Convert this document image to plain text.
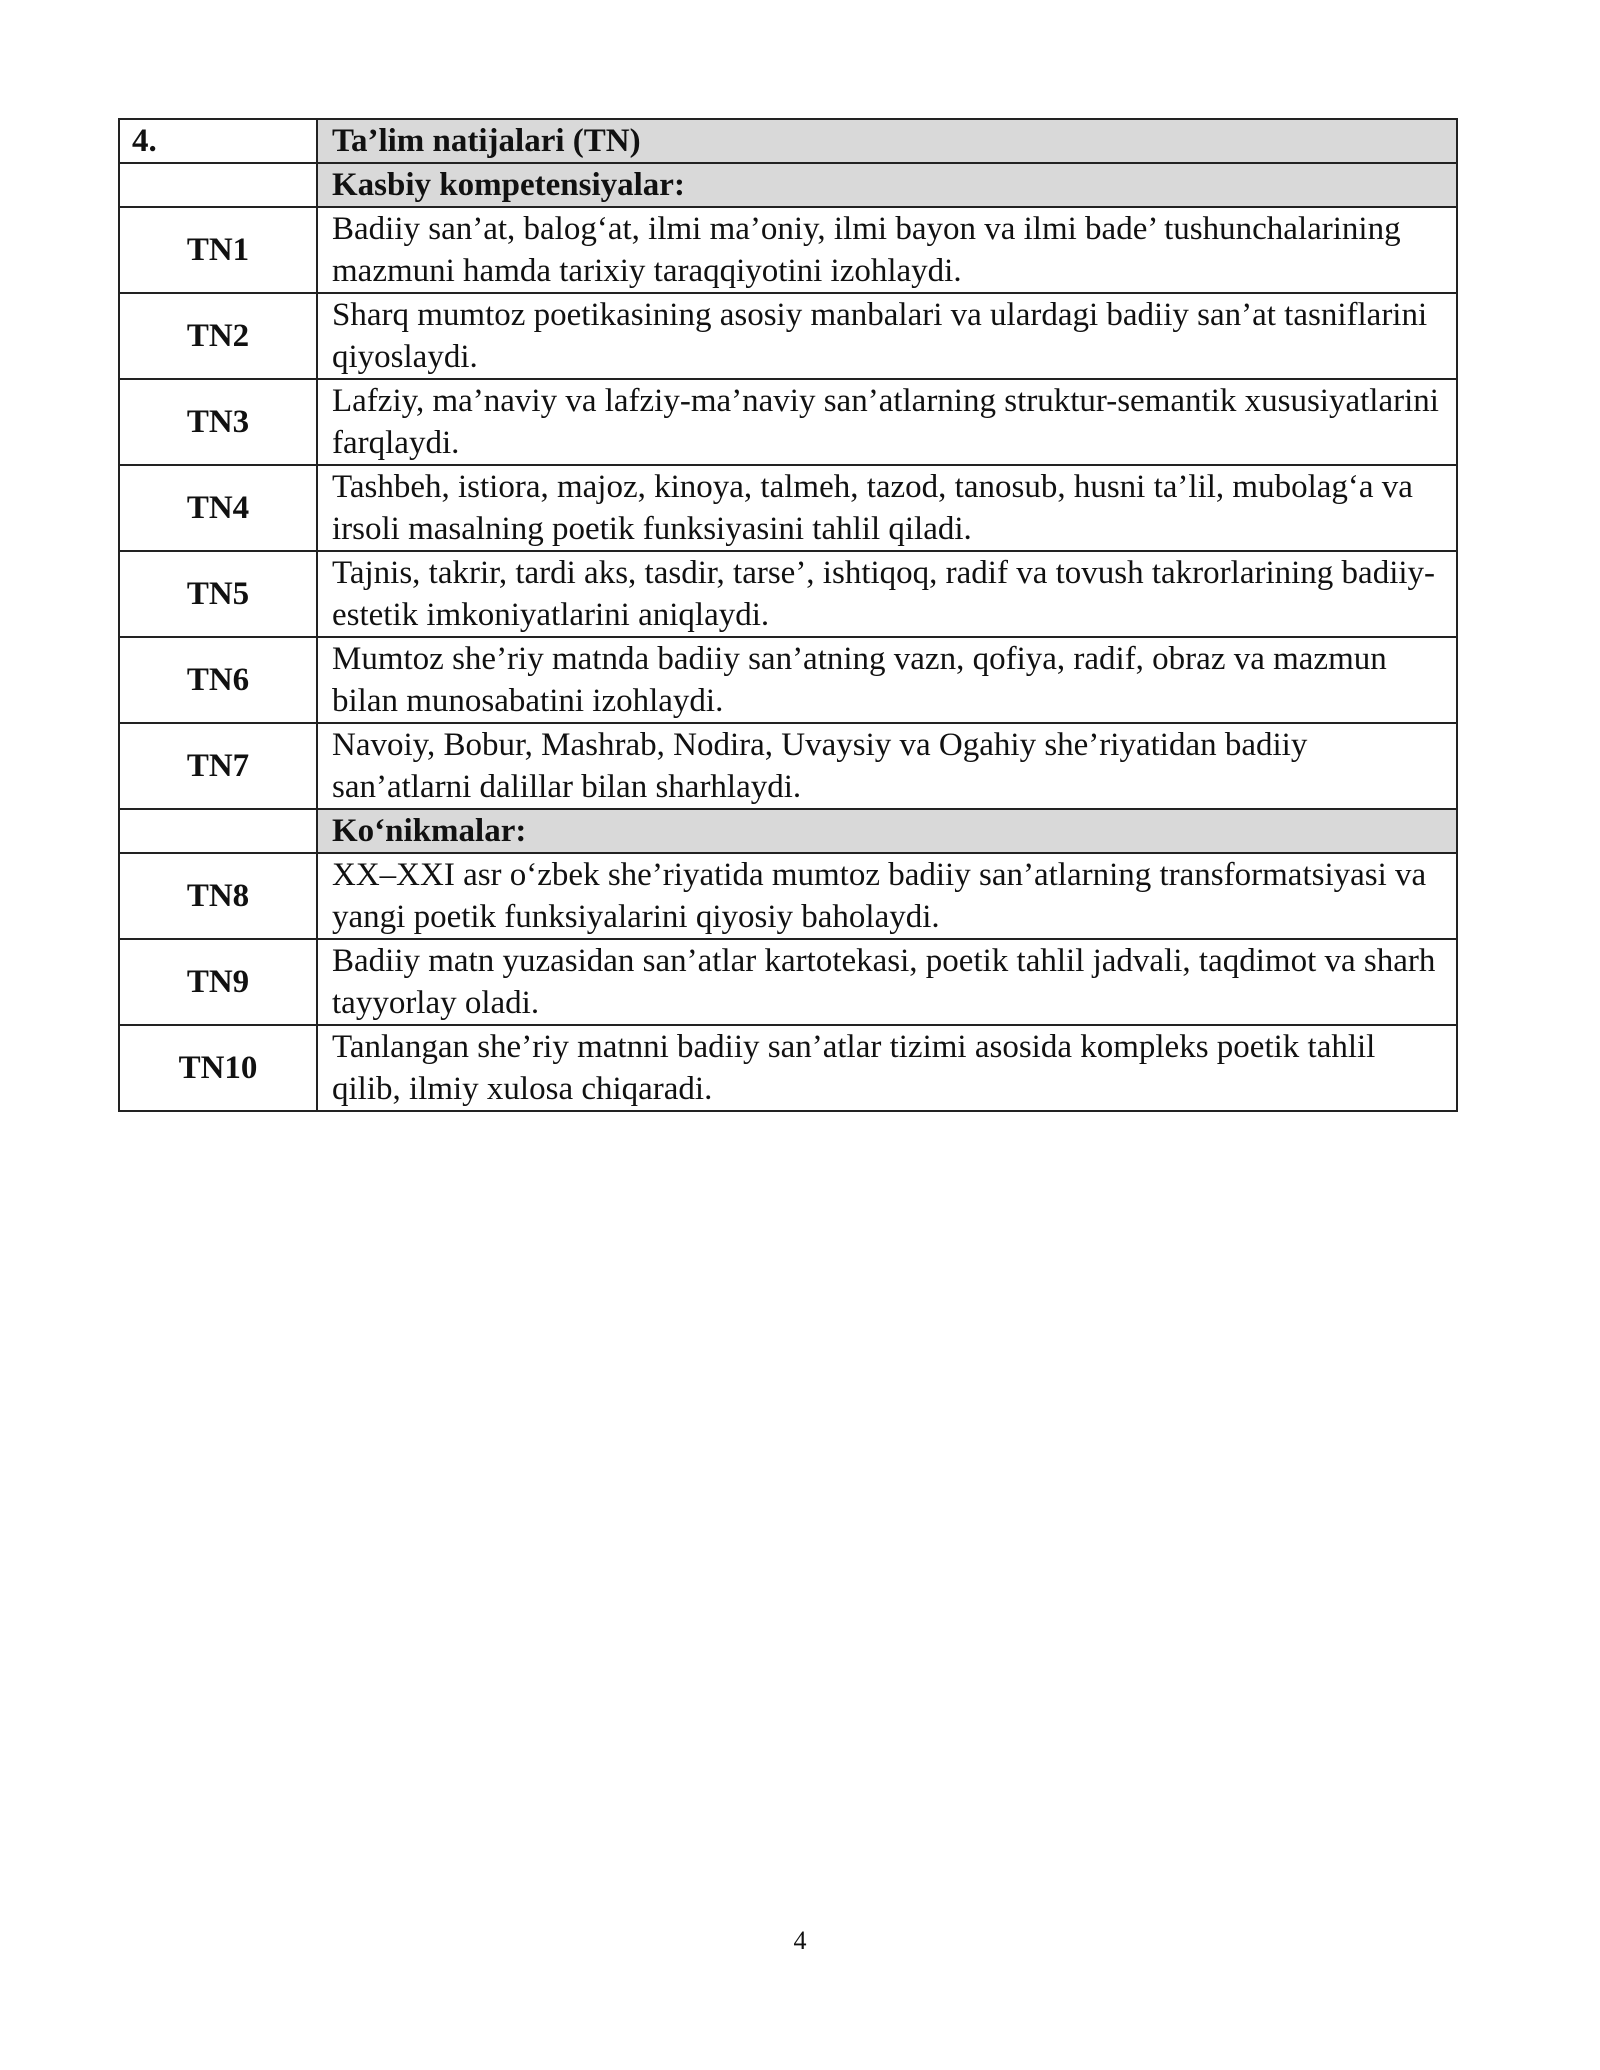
4.	Ta’lim natijalari (TN)
	Kasbiy kompetensiyalar:
TN1	Badiiy san’at, balog‘at, ilmi ma’oniy, ilmi bayon va ilmi bade’ tushunchalarining mazmuni hamda tarixiy taraqqiyotini izohlaydi.
TN2	Sharq mumtoz poetikasining asosiy manbalari va ulardagi badiiy san’at tasniflarini qiyoslaydi.
TN3	Lafziy, ma’naviy va lafziy-ma’naviy san’atlarning struktur-semantik xususiyatlarini farqlaydi.
TN4	Tashbeh, istiora, majoz, kinoya, talmeh, tazod, tanosub, husni ta’lil, mubolag‘a va irsoli masalning poetik funksiyasini tahlil qiladi.
TN5	Tajnis, takrir, tardi aks, tasdir, tarse’, ishtiqoq, radif va tovush takrorlarining badiiy-estetik imkoniyatlarini aniqlaydi.
TN6	Mumtoz she’riy matnda badiiy san’atning vazn, qofiya, radif, obraz va mazmun bilan munosabatini izohlaydi.
TN7	Navoiy, Bobur, Mashrab, Nodira, Uvaysiy va Ogahiy she’riyatidan badiiy san’atlarni dalillar bilan sharhlaydi.
	Ko‘nikmalar:
TN8	XX–XXI asr o‘zbek she’riyatida mumtoz badiiy san’atlarning transformatsiyasi va yangi poetik funksiyalarini qiyosiy baholaydi.
TN9	Badiiy matn yuzasidan san’atlar kartotekasi, poetik tahlil jadvali, taqdimot va sharh tayyorlay oladi.
TN10	Tanlangan she’riy matnni badiiy san’atlar tizimi asosida kompleks poetik tahlil qilib, ilmiy xulosa chiqaradi.
4
